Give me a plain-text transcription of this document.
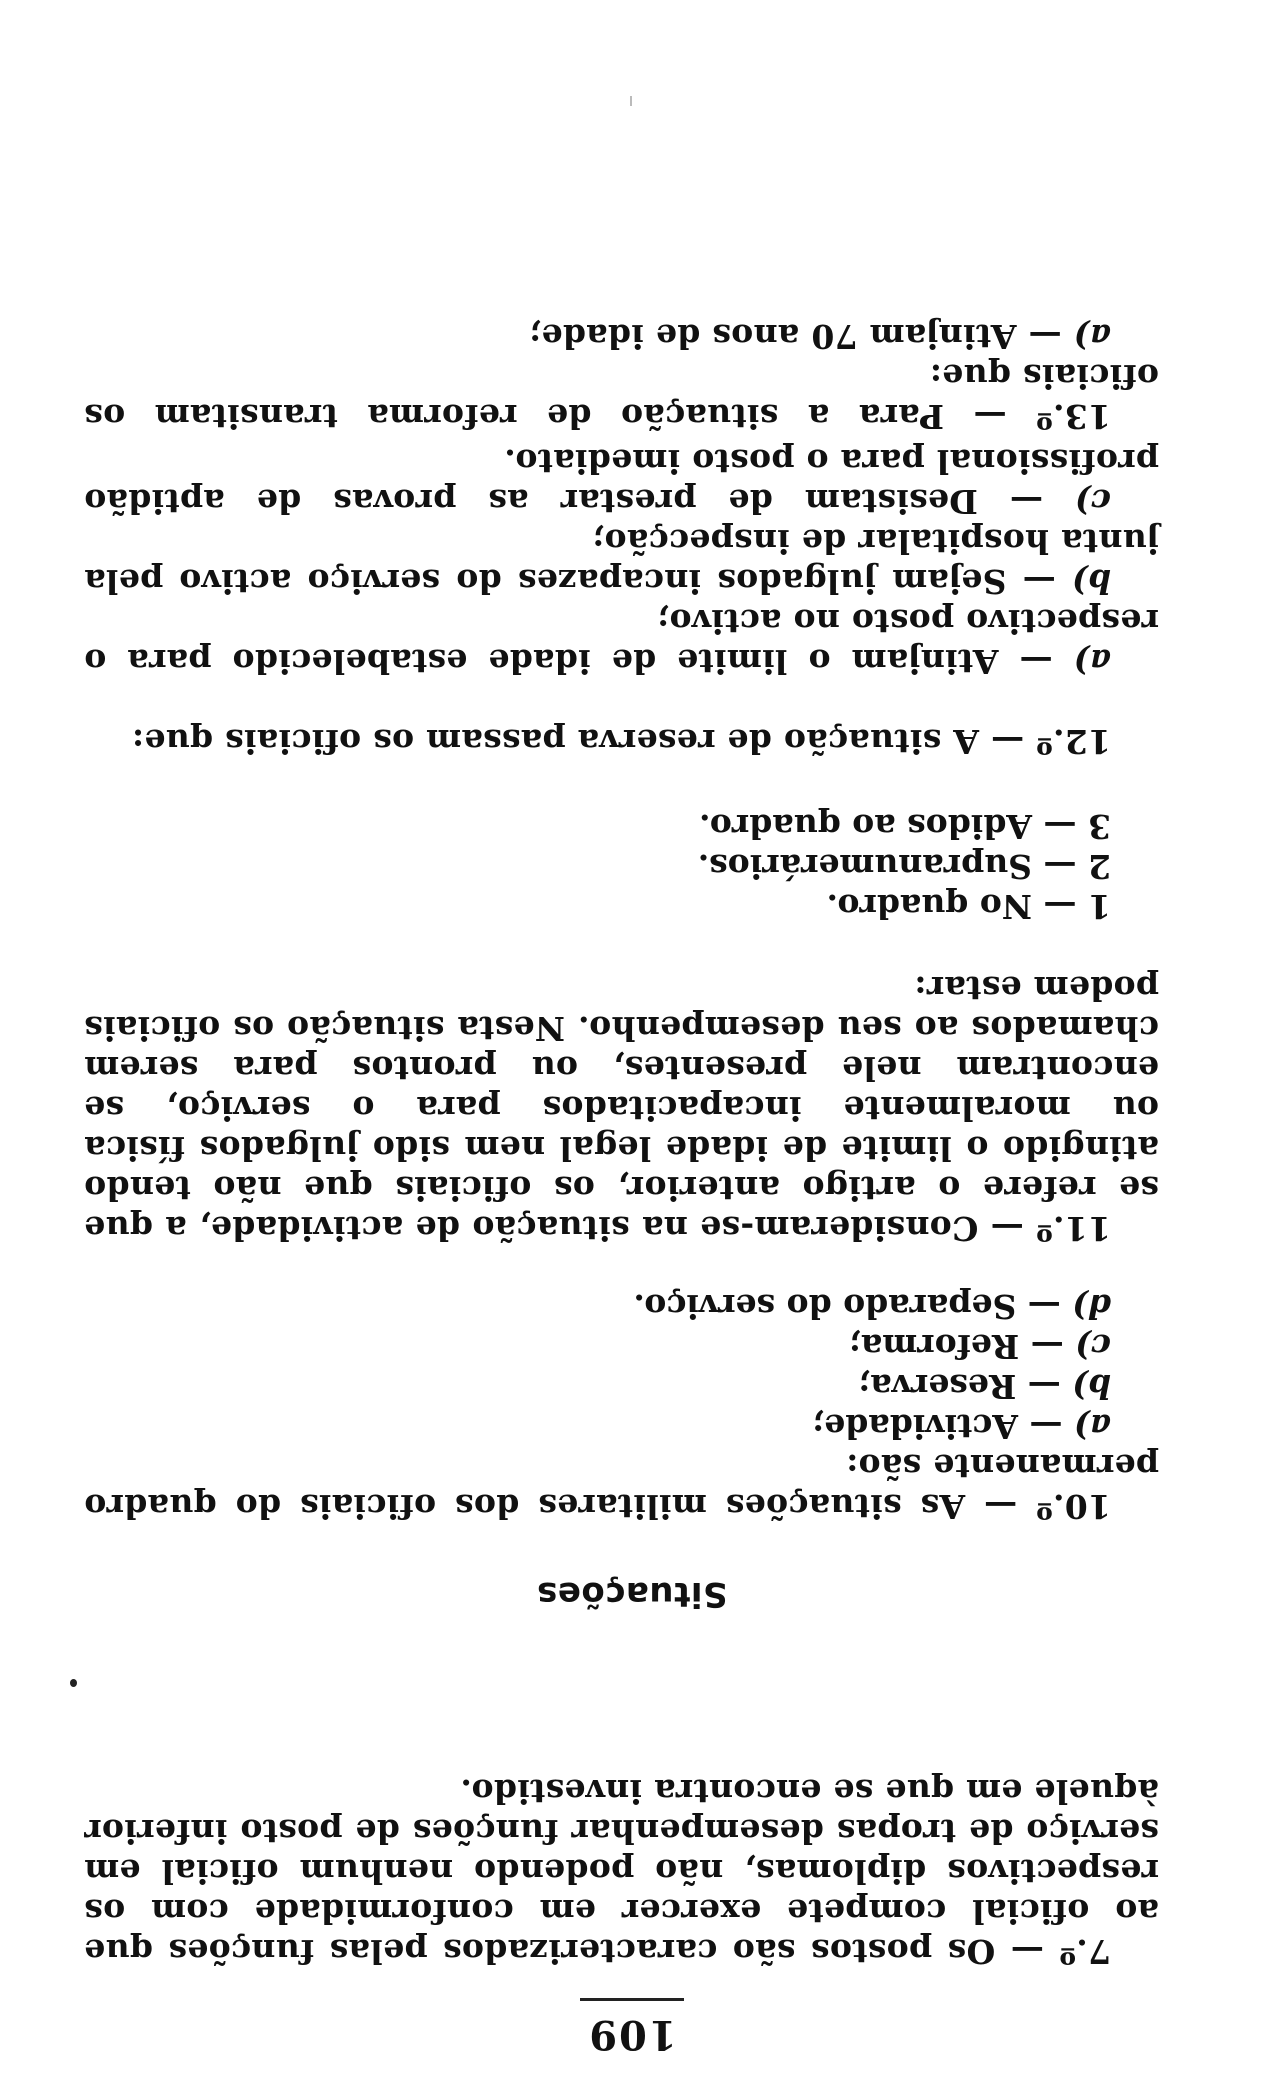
109

7.º — Os postos são caracterizados pelas funções que ao oficial compete exercer em conformidade com os respectivos diplomas, não podendo nenhum oficial em serviço de tropas desempenhar funções de posto inferior àquele em que se encontra investido.

Situações

10.º — As situações militares dos oficiais do quadro permanente são:

a) — Actividade;

b) — Reserva;

c) — Reforma;

d) — Separado do serviço.

11.º — Consideram-se na situação de actividade, a que se refere o artigo anterior, os oficiais que não tendo atingido o limite de idade legal nem sido julgados física ou moralmente incapacitados para o serviço, se encontram nele presentes, ou prontos para serem chamados ao seu desempenho. Nesta situação os oficiais podem estar:

1 — No quadro.

2 — Supranumerários.

3 — Adidos ao quadro.

12.º — A situação de reserva passam os oficiais que:

a) — Atinjam o limite de idade estabelecido para o respectivo posto no activo;

b) — Sejam julgados incapazes do serviço activo pela junta hospitalar de inspecção;

c) — Desistam de prestar as provas de aptidão profissional para o posto imediato.

13.º — Para a situação de reforma transitam os oficiais que:

a) — Atinjam 70 anos de idade;
